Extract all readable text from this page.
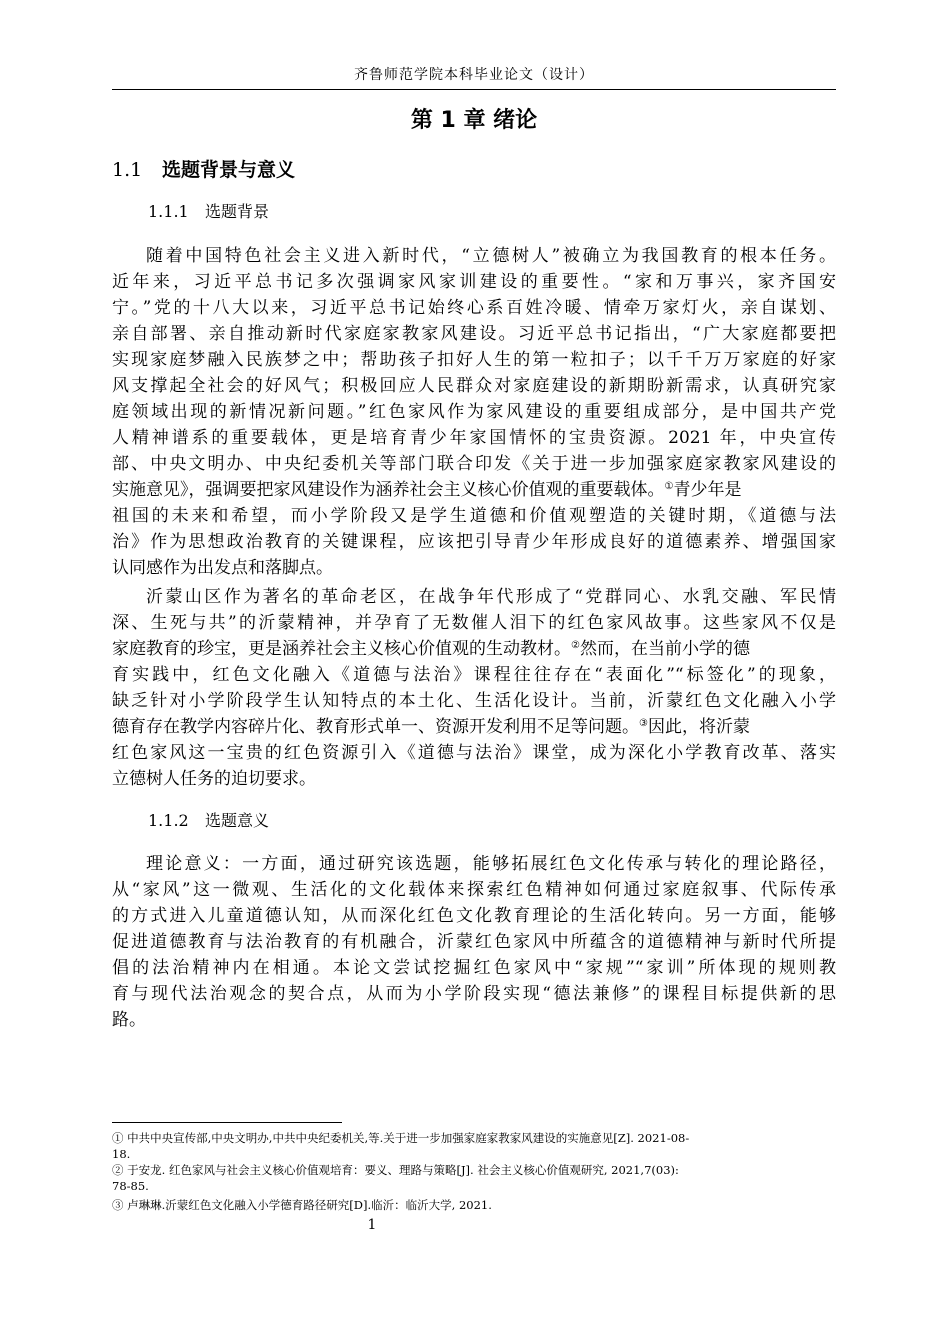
齐鲁师范学院本科毕业论文（设计）
第 1 章 绪论
1.1 选题背景与意义
1.1.1 选题背景
随着中国特色社会主义进入新时代，“立德树人”被确立为我国教育的根本任务。
近年来，习近平总书记多次强调家风家训建设的重要性。“家和万事兴，家齐国安
宁。”党的十八大以来，习近平总书记始终心系百姓冷暖、情牵万家灯火，亲自谋划、
亲自部署、亲自推动新时代家庭家教家风建设。习近平总书记指出，“广大家庭都要把
实现家庭梦融入民族梦之中；帮助孩子扣好人生的第一粒扣子；以千千万万家庭的好家
风支撑起全社会的好风气；积极回应人民群众对家庭建设的新期盼新需求，认真研究家
庭领域出现的新情况新问题。”红色家风作为家风建设的重要组成部分，是中国共产党
人精神谱系的重要载体，更是培育青少年家国情怀的宝贵资源。2021 年，中央宣传
部、中央文明办、中央纪委机关等部门联合印发《关于进一步加强家庭家教家风建设的
实施意见》，强调要把家风建设作为涵养社会主义核心价值观的重要载体。①青少年是
祖国的未来和希望，而小学阶段又是学生道德和价值观塑造的关键时期，《道德与法
治》作为思想政治教育的关键课程，应该把引导青少年形成良好的道德素养、增强国家
认同感作为出发点和落脚点。
沂蒙山区作为著名的革命老区，在战争年代形成了“党群同心、水乳交融、军民情
深、生死与共”的沂蒙精神，并孕育了无数催人泪下的红色家风故事。这些家风不仅是
家庭教育的珍宝，更是涵养社会主义核心价值观的生动教材。②然而，在当前小学的德
育实践中，红色文化融入《道德与法治》课程往往存在“表面化”“标签化”的现象，
缺乏针对小学阶段学生认知特点的本土化、生活化设计。当前，沂蒙红色文化融入小学
德育存在教学内容碎片化、教育形式单一、资源开发利用不足等问题。③因此，将沂蒙
红色家风这一宝贵的红色资源引入《道德与法治》课堂，成为深化小学教育改革、落实
立德树人任务的迫切要求。
1.1.2 选题意义
理论意义：一方面，通过研究该选题，能够拓展红色文化传承与转化的理论路径，
从“家风”这一微观、生活化的文化载体来探索红色精神如何通过家庭叙事、代际传承
的方式进入儿童道德认知，从而深化红色文化教育理论的生活化转向。另一方面，能够
促进道德教育与法治教育的有机融合，沂蒙红色家风中所蕴含的道德精神与新时代所提
倡的法治精神内在相通。本论文尝试挖掘红色家风中“家规”“家训”所体现的规则教
育与现代法治观念的契合点，从而为小学阶段实现“德法兼修”的课程目标提供新的思
路。
① 中共中央宣传部,中央文明办,中共中央纪委机关,等.关于进一步加强家庭家教家风建设的实施意见[Z]. 2021-08-
18.
② 于安龙. 红色家风与社会主义核心价值观培育：要义、理路与策略[J]. 社会主义核心价值观研究, 2021,7(03):
78-85.
③ 卢琳琳.沂蒙红色文化融入小学德育路径研究[D].临沂：临沂大学, 2021.
1
